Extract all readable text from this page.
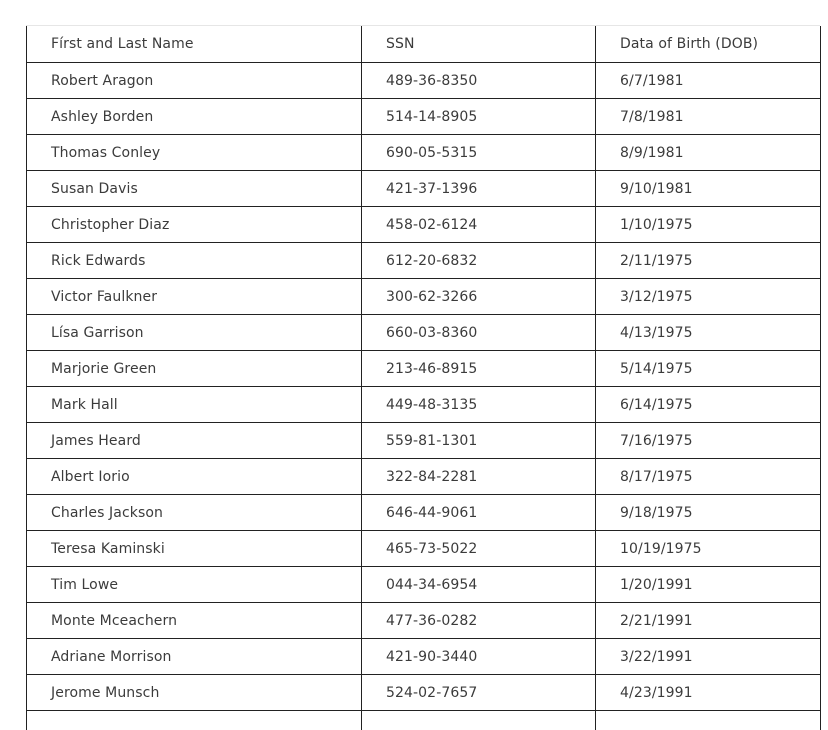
Fírst and Last Name	SSN	Data of Birth (DOB)
Robert Aragon	489-36-8350	6/7/1981
Ashley Borden	514-14-8905	7/8/1981
Thomas Conley	690-05-5315	8/9/1981
Susan Davis	421-37-1396	9/10/1981
Christopher Diaz	458-02-6124	1/10/1975
Rick Edwards	612-20-6832	2/11/1975
Victor Faulkner	300-62-3266	3/12/1975
Lísa Garrison	660-03-8360	4/13/1975
Marjorie Green	213-46-8915	5/14/1975
Mark Hall	449-48-3135	6/14/1975
James Heard	559-81-1301	7/16/1975
Albert Iorio	322-84-2281	8/17/1975
Charles Jackson	646-44-9061	9/18/1975
Teresa Kaminski	465-73-5022	10/19/1975
Tim Lowe	044-34-6954	1/20/1991
Monte Mceachern	477-36-0282	2/21/1991
Adriane Morrison	421-90-3440	3/22/1991
Jerome Munsch	524-02-7657	4/23/1991
